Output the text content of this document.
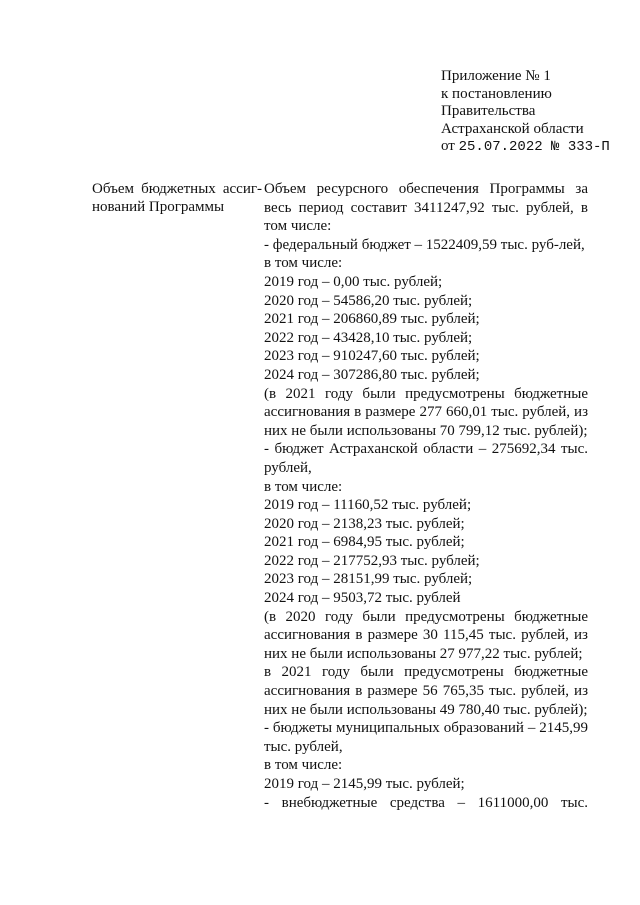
Приложение № 1
к постановлению
Правительства
Астраханской области
от 25.07.2022 № 333-П
Объем бюджетных ассиг-нований Программы

Объем ресурсного обеспечения Программы за весь период составит 3411247,92 тыс. рублей, в том числе:

- федеральный бюджет – 1522409,59 тыс. руб-лей,

в том числе:

2019 год – 0,00 тыс. рублей;

2020 год – 54586,20 тыс. рублей;

2021 год – 206860,89 тыс. рублей;

2022 год – 43428,10 тыс. рублей;

2023 год – 910247,60 тыс. рублей;

2024 год – 307286,80 тыс. рублей;

(в 2021 году были предусмотрены бюджетные ассигнования в размере 277 660,01 тыс. рублей, из них не были использованы 70 799,12 тыс. рублей);

- бюджет Астраханской области – 275692,34 тыс. рублей,

в том числе:

2019 год – 11160,52 тыс. рублей;

2020 год – 2138,23 тыс. рублей;

2021 год – 6984,95 тыс. рублей;

2022 год – 217752,93 тыс. рублей;

2023 год – 28151,99 тыс. рублей;

2024 год – 9503,72 тыс. рублей

(в 2020 году были предусмотрены бюджетные ассигнования в размере 30 115,45 тыс. рублей, из них не были использованы 27 977,22 тыс. рублей;

в 2021 году были предусмотрены бюджетные ассигнования в размере 56 765,35 тыс. рублей, из них не были использованы 49 780,40 тыс. рублей);

- бюджеты муниципальных образований – 2145,99 тыс. рублей,

в том числе:

2019 год – 2145,99 тыс. рублей;

- внебюджетные средства – 1611000,00 тыс.
